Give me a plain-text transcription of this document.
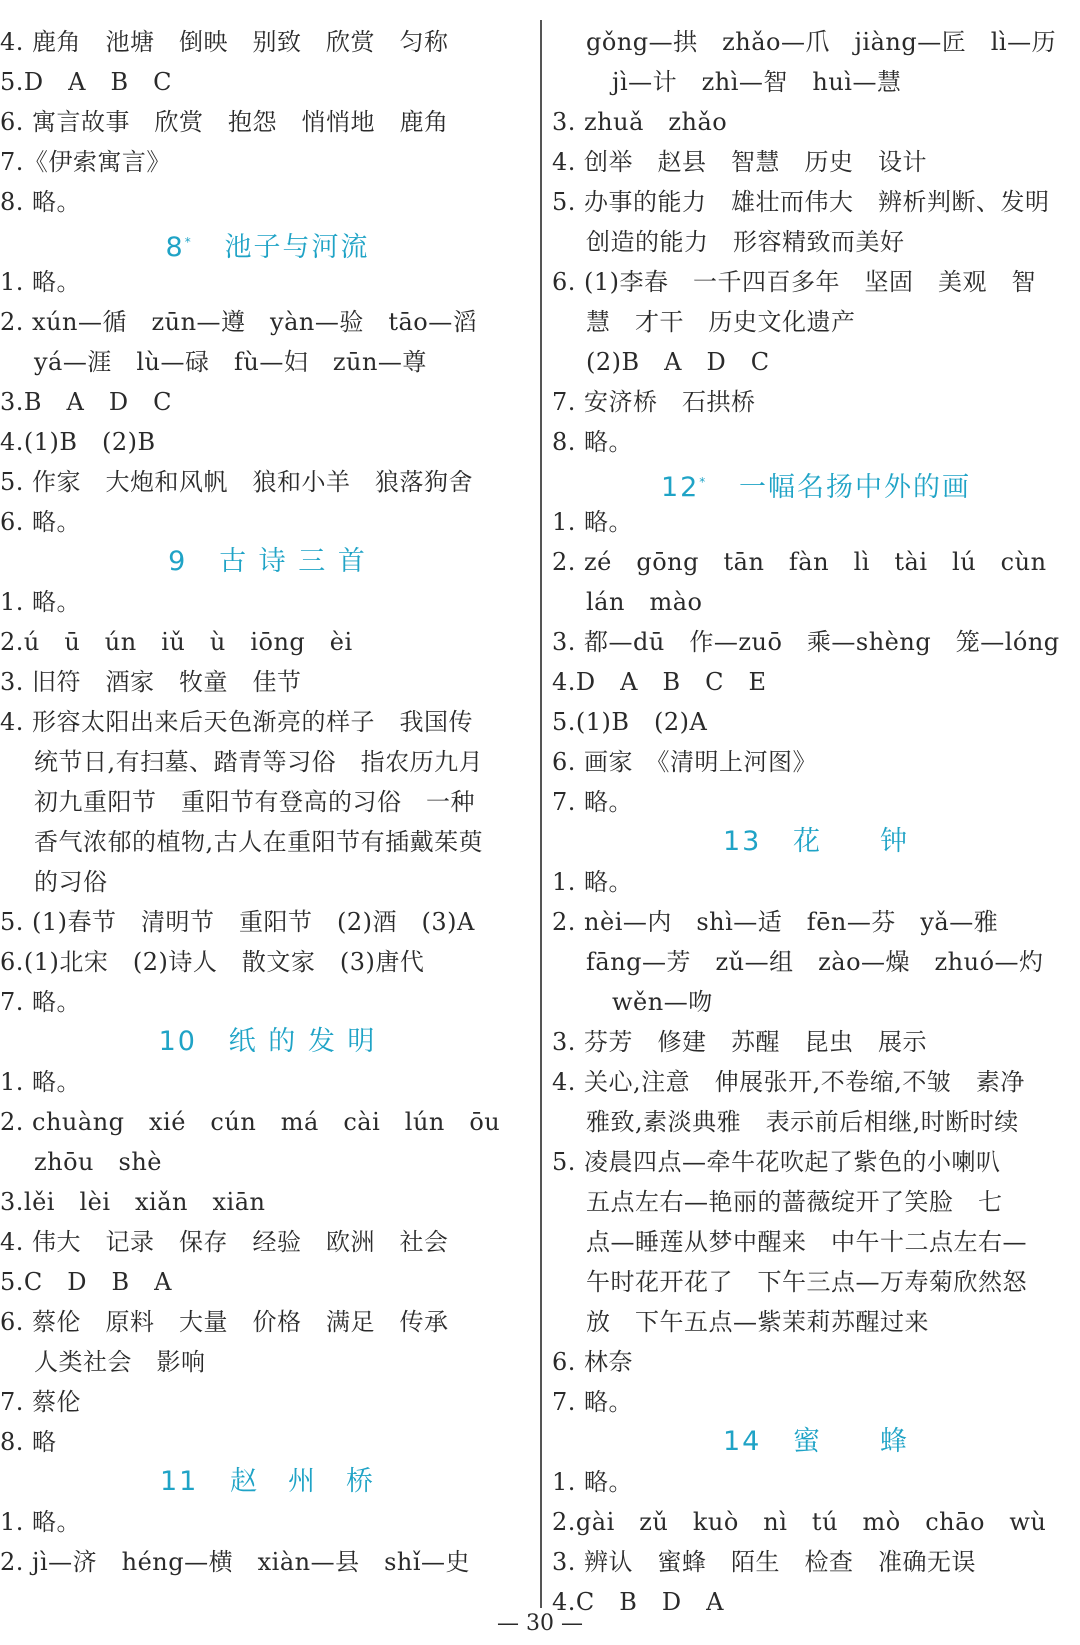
4. 鹿角　池塘　倒映　别致　欣赏　匀称
5.D　A　B　C
6. 寓言故事　欣赏　抱怨　悄悄地　鹿角
7.《伊索寓言》
8. 略。
8* 池子与河流
1. 略。
2. xún—循　zūn—遵　yàn—验　tāo—滔
yá—涯　lù—碌　fù—妇　zūn—尊
3.B　A　D　C
4.(1)B　(2)B
5. 作家　大炮和风帆　狼和小羊　狼落狗舍
6. 略。
9 古 诗 三 首
1. 略。
2.ú　ū　ún　iǔ　ù　iōng　èi
3. 旧符　酒家　牧童　佳节
4. 形容太阳出来后天色渐亮的样子　我国传
统节日,有扫墓、踏青等习俗　指农历九月
初九重阳节　重阳节有登高的习俗　一种
香气浓郁的植物,古人在重阳节有插戴茱萸
的习俗
5. (1)春节　清明节　重阳节　(2)酒　(3)A
6.(1)北宋　(2)诗人　散文家　(3)唐代
7. 略。
10 纸 的 发 明
1. 略。
2. chuàng　xié　cún　má　cài　lún　ōu
zhōu　shè
3.lěi　lèi　xiǎn　xiān
4. 伟大　记录　保存　经验　欧洲　社会
5.C　D　B　A
6. 蔡伦　原料　大量　价格　满足　传承
人类社会　影响
7. 蔡伦
8. 略
11 赵　州　桥
1. 略。
2. jì—济　héng—横　xiàn—县　shǐ—史
gǒng—拱　zhǎo—爪　jiàng—匠　lì—历
jì—计　zhì—智　huì—慧
3. zhuǎ　zhǎo
4. 创举　赵县　智慧　历史　设计
5. 办事的能力　雄壮而伟大　辨析判断、发明
创造的能力　形容精致而美好
6. (1)李春　一千四百多年　坚固　美观　智
慧　才干　历史文化遗产
(2)B　A　D　C
7. 安济桥　石拱桥
8. 略。
12* 一幅名扬中外的画
1. 略。
2. zé　gōng　tān　fàn　lì　tài　lú　cùn
lán　mào
3. 都—dū　作—zuō　乘—shèng　笼—lóng
4.D　A　B　C　E
5.(1)B　(2)A
6. 画家　《清明上河图》
7. 略。
13 花　　钟
1. 略。
2. nèi—内　shì—适　fēn—芬　yǎ—雅
fāng—芳　zǔ—组　zào—燥　zhuó—灼
wěn—吻
3. 芬芳　修建　苏醒　昆虫　展示
4. 关心,注意　伸展张开,不卷缩,不皱　素净
雅致,素淡典雅　表示前后相继,时断时续
5. 凌晨四点—牵牛花吹起了紫色的小喇叭
五点左右—艳丽的蔷薇绽开了笑脸　七
点—睡莲从梦中醒来　中午十二点左右—
午时花开花了　下午三点—万寿菊欣然怒
放　下午五点—紫茉莉苏醒过来
6. 林奈
7. 略。
14 蜜　　蜂
1. 略。
2.gài　zǔ　kuò　nì　tú　mò　chāo　wù
3. 辨认　蜜蜂　陌生　检查　准确无误
4.C　B　D　A
— 30 —
